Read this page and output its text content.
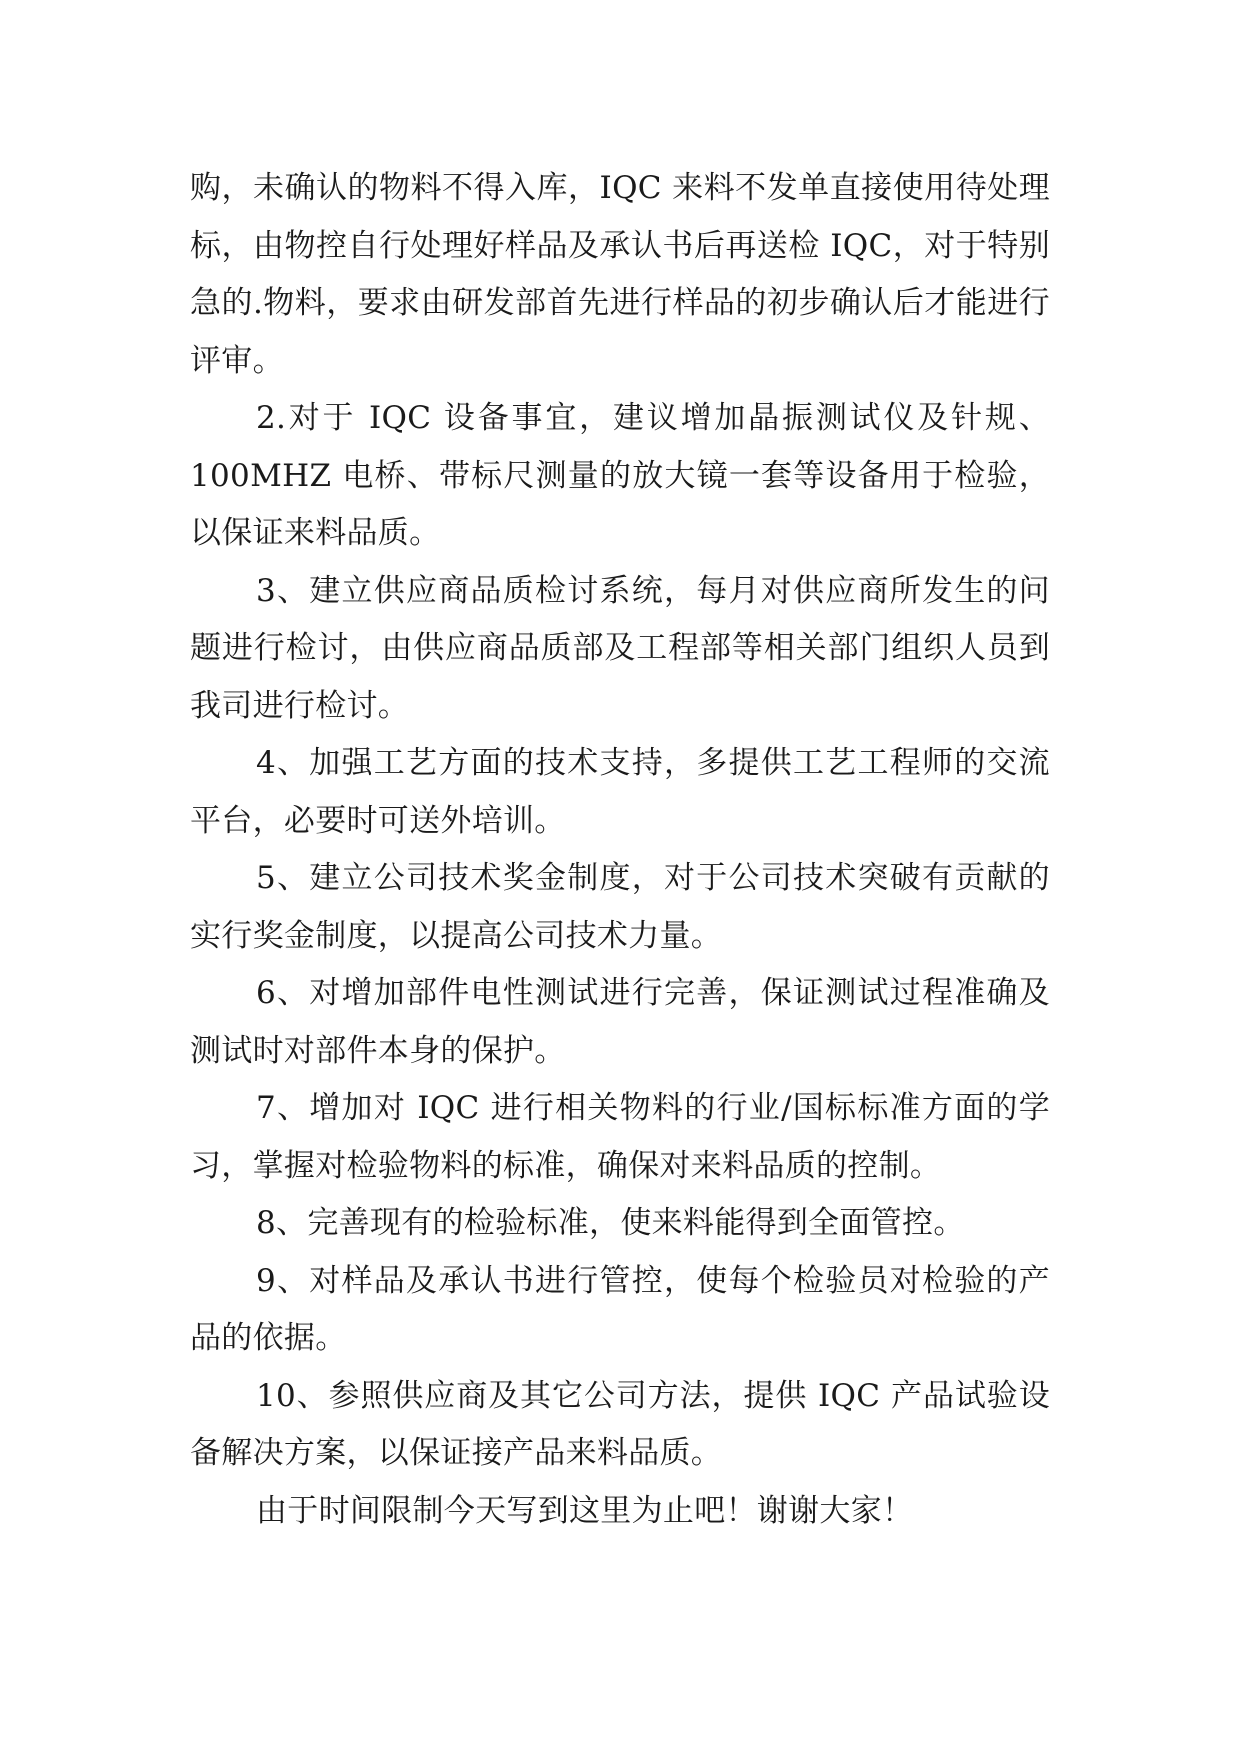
购，未确认的物料不得入库，IQC 来料不发单直接使用待处理标，由物控自行处理好样品及承认书后再送检 IQC，对于特别急的.物料，要求由研发部首先进行样品的初步确认后才能进行评审。

2.对于 IQC 设备事宜，建议增加晶振测试仪及针规、100MHZ 电桥、带标尺测量的放大镜一套等设备用于检验，以保证来料品质。

3、建立供应商品质检讨系统，每月对供应商所发生的问题进行检讨，由供应商品质部及工程部等相关部门组织人员到我司进行检讨。

4、加强工艺方面的技术支持，多提供工艺工程师的交流平台，必要时可送外培训。

5、建立公司技术奖金制度，对于公司技术突破有贡献的实行奖金制度，以提高公司技术力量。

6、对增加部件电性测试进行完善，保证测试过程准确及测试时对部件本身的保护。

7、增加对 IQC 进行相关物料的行业/国标标准方面的学习，掌握对检验物料的标准，确保对来料品质的控制。

8、完善现有的检验标准，使来料能得到全面管控。

9、对样品及承认书进行管控，使每个检验员对检验的产品的依据。

10、参照供应商及其它公司方法，提供 IQC 产品试验设备解决方案，以保证接产品来料品质。

由于时间限制今天写到这里为止吧！谢谢大家！
